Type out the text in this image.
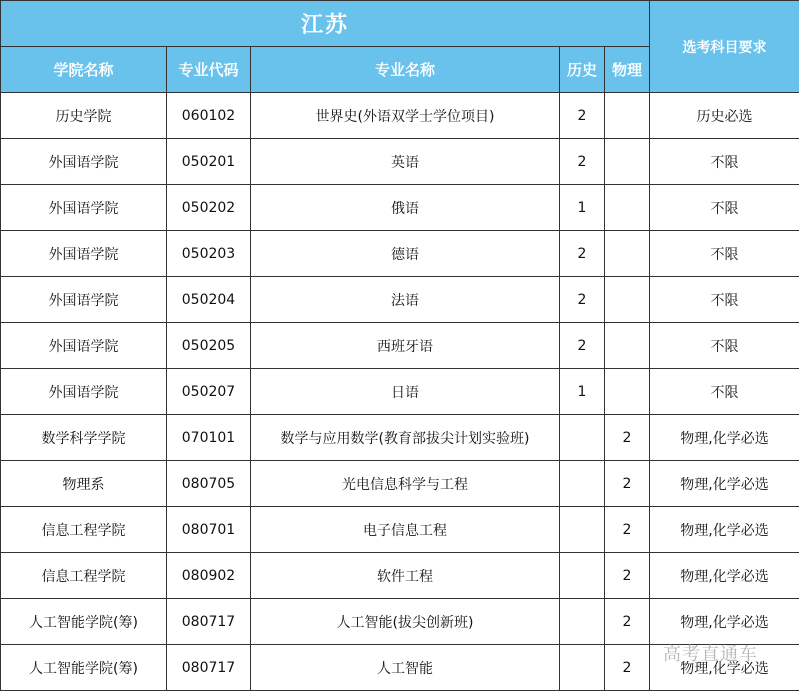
江苏					选考科目要求
学院名称	专业代码	专业名称	历史	物理	
历史学院	060102	世界史(外语双学士学位项目)	2		历史必选
外国语学院	050201	英语	2		不限
外国语学院	050202	俄语	1		不限
外国语学院	050203	德语	2		不限
外国语学院	050204	法语	2		不限
外国语学院	050205	西班牙语	2		不限
外国语学院	050207	日语	1		不限
数学科学学院	070101	数学与应用数学(教育部拔尖计划实验班)		2	物理,化学必选
物理系	080705	光电信息科学与工程		2	物理,化学必选
信息工程学院	080701	电子信息工程		2	物理,化学必选
信息工程学院	080902	软件工程		2	物理,化学必选
人工智能学院(筹)	080717	人工智能(拔尖创新班)		2	物理,化学必选
人工智能学院(筹)	080717	人工智能		2	物理,化学必选
高考直通车
